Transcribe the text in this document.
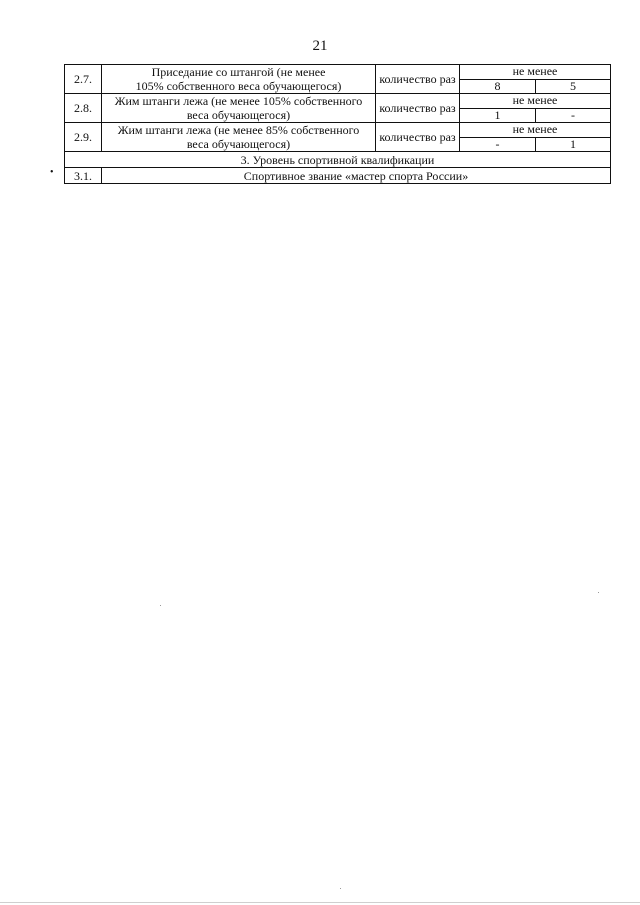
21
2.7.	Приседание со штангой (не менее
105% собственного веса обучающегося)	количество раз	не менее	
			8	5
2.8.	Жим штанги лежа (не менее 105% собственного
веса обучающегося)	количество раз	не менее	
			1	-
2.9.	Жим штанги лежа (не менее 85% собственного
веса обучающегося)	количество раз	не менее	
			-	1
3. Уровень спортивной квалификации				
3.1.	Спортивное звание «мастер спорта России»			
•
